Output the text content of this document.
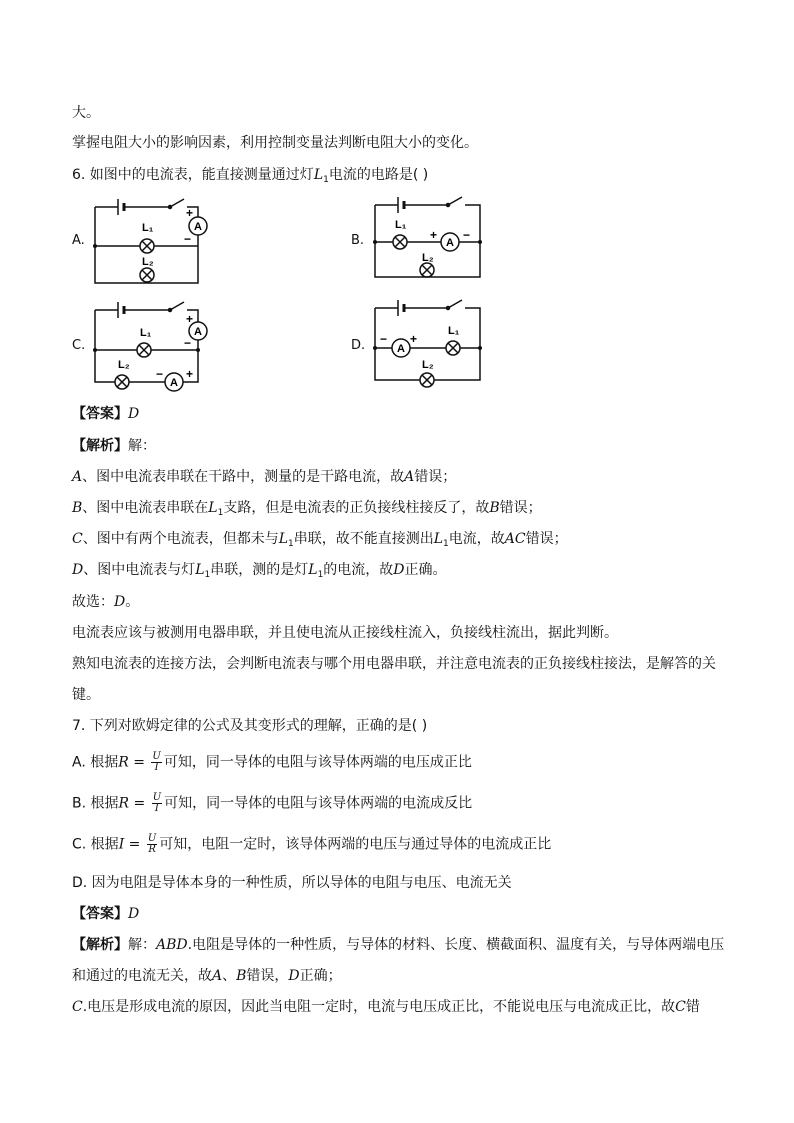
大。
掌握电阻大小的影响因素，利用控制变量法判断电阻大小的变化。
6. 如图中的电流表，能直接测量通过灯$L_1$电流的电路是( )
A.	B.
C.	D.
A
+
−
L₁
L₂
A
+ −
L₁
L₂
A
+
−
A
− +
L₁
L₂
A
− +
L₁
L₂
【答案】D
【解析】解：
A、图中电流表串联在干路中，测量的是干路电流，故A错误；
B、图中电流表串联在$L_1$支路，但是电流表的正负接线柱接反了，故B错误；
C、图中有两个电流表，但都未与$L_1$串联，故不能直接测出$L_1$电流，故AC错误；
D、图中电流表与灯$L_1$串联，测的是灯$L_1$的电流，故D正确。
故选：D。
电流表应该与被测用电器串联，并且使电流从正接线柱流入，负接线柱流出，据此判断。
熟知电流表的连接方法，会判断电流表与哪个用电器串联，并注意电流表的正负接线柱接法，是解答的关
键。
7. 下列对欧姆定律的公式及其变形式的理解，正确的是( )
A. 根据$R = \frac{U}{I}$ 可知，同一导体的电阻与该导体两端的电压成正比
B. 根据$R = \frac{U}{I}$ 可知，同一导体的电阻与该导体两端的电流成反比
C. 根据$I = \frac{U}{R}$ 可知，电阻一定时，该导体两端的电压与通过导体的电流成正比
D. 因为电阻是导体本身的一种性质，所以导体的电阻与电压、电流无关
【答案】D
【解析】解：ABD.电阻是导体的一种性质，与导体的材料、长度、横截面积、温度有关，与导体两端电压
和通过的电流无关，故A、B错误，D正确；
C.电压是形成电流的原因，因此当电阻一定时，电流与电压成正比，不能说电压与电流成正比，故C错
